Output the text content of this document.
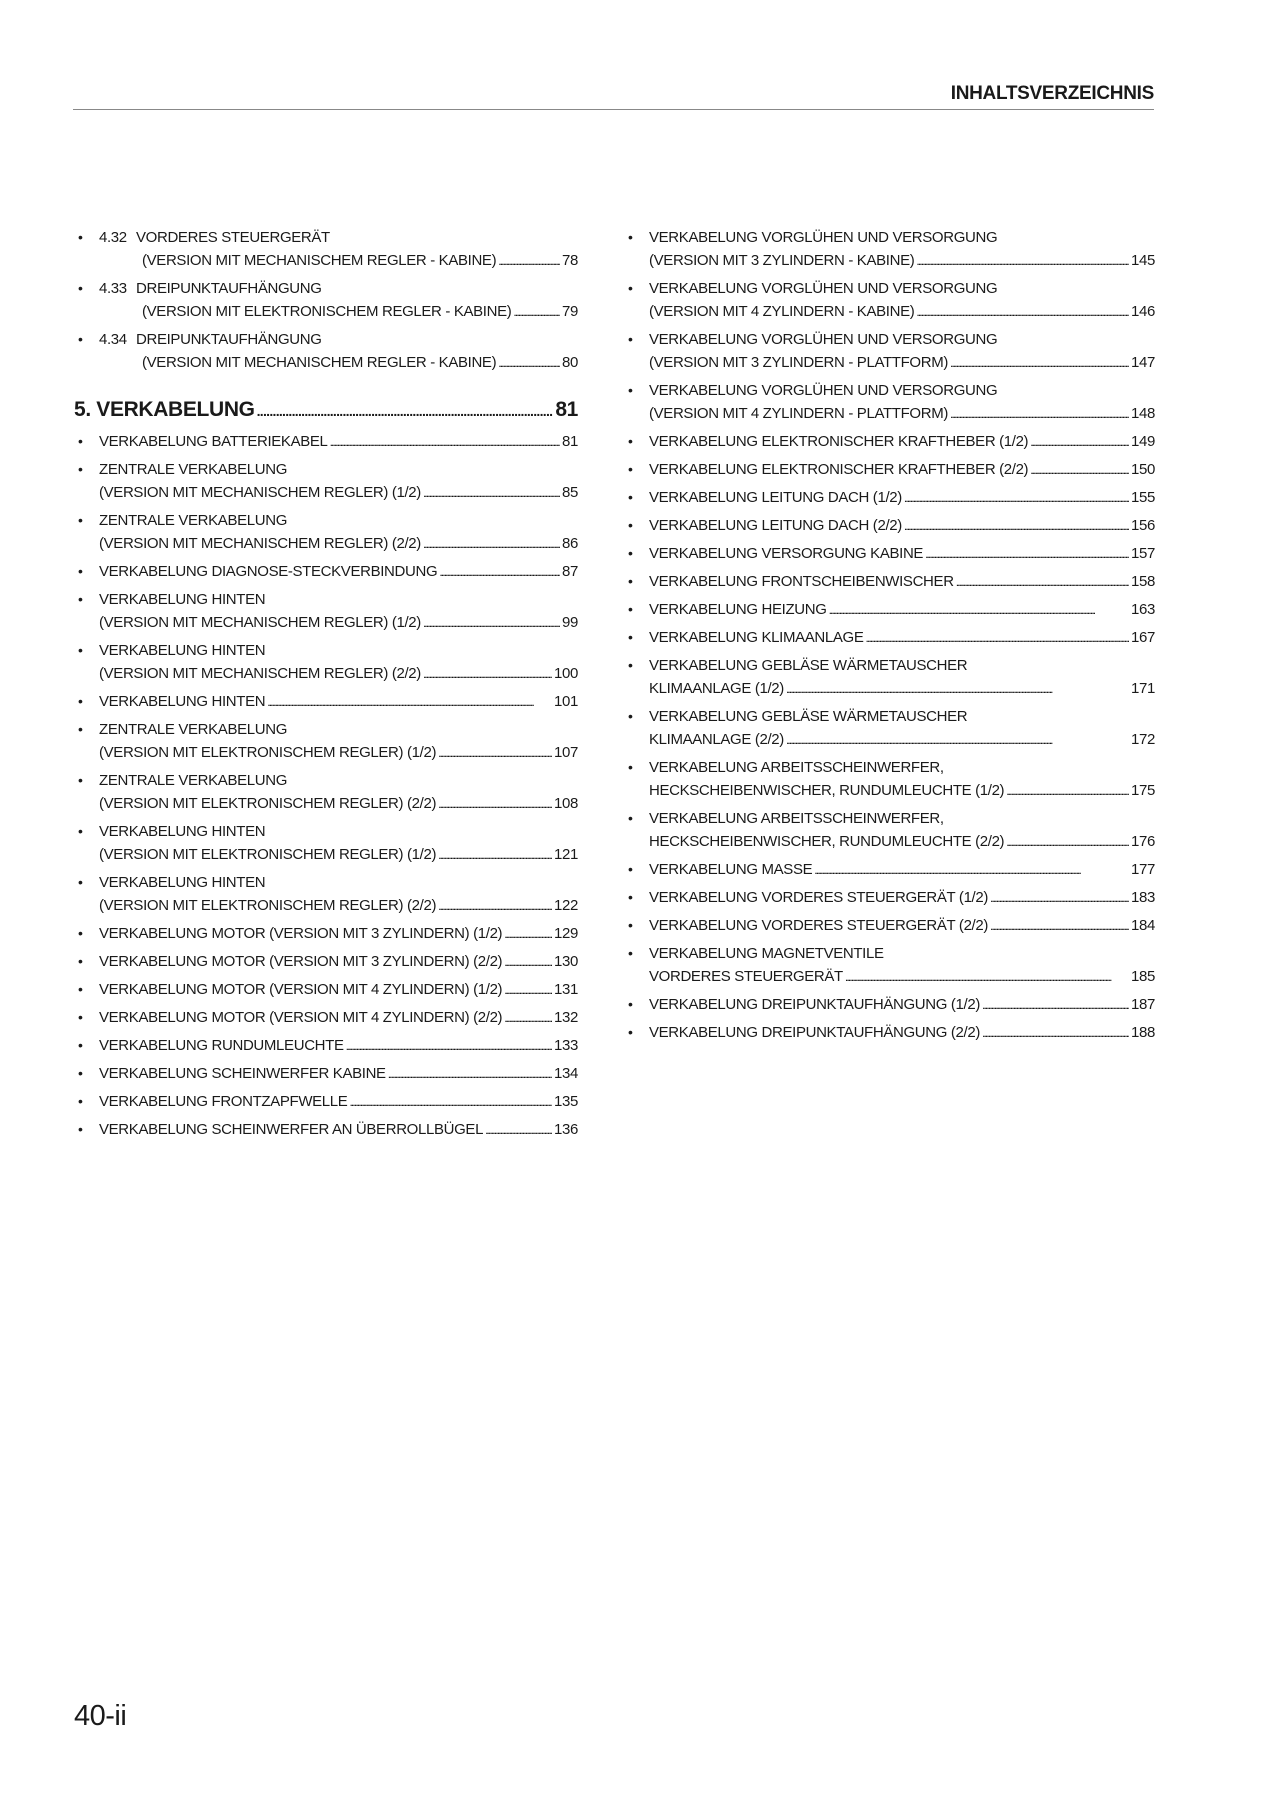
INHALTSVERZEICHNIS
• 4.32 VORDERES STEUERGERÄT
(VERSION MIT MECHANISCHEM REGLER - KABINE) . . .	78
• 4.33 DREIPUNKTAUFHÄNGUNG
(VERSION MIT ELEKTRONISCHEM REGLER - KABINE) . . .	79
• 4.34 DREIPUNKTAUFHÄNGUNG
(VERSION MIT MECHANISCHEM REGLER - KABINE) . . .	80
5. VERKABELUNG . . .	81
• VERKABELUNG BATTERIEKABEL . . .	81
• ZENTRALE VERKABELUNG
(VERSION MIT MECHANISCHEM REGLER) (1/2) . . .	85
• ZENTRALE VERKABELUNG
(VERSION MIT MECHANISCHEM REGLER) (2/2) . . .	86
• VERKABELUNG DIAGNOSE-STECKVERBINDUNG . . .	87
• VERKABELUNG HINTEN
(VERSION MIT MECHANISCHEM REGLER) (1/2) . . .	99
• VERKABELUNG HINTEN
(VERSION MIT MECHANISCHEM REGLER) (2/2) . . .	100
• VERKABELUNG HINTEN . . .	101
• ZENTRALE VERKABELUNG
(VERSION MIT ELEKTRONISCHEM REGLER) (1/2) . . .	107
• ZENTRALE VERKABELUNG
(VERSION MIT ELEKTRONISCHEM REGLER) (2/2) . . .	108
• VERKABELUNG HINTEN
(VERSION MIT ELEKTRONISCHEM REGLER) (1/2) . . .	121
• VERKABELUNG HINTEN
(VERSION MIT ELEKTRONISCHEM REGLER) (2/2) . . .	122
• VERKABELUNG MOTOR (VERSION MIT 3 ZYLINDERN) (1/2) . . .	129
• VERKABELUNG MOTOR (VERSION MIT 3 ZYLINDERN) (2/2) . . .	130
• VERKABELUNG MOTOR (VERSION MIT 4 ZYLINDERN) (1/2) . . .	131
• VERKABELUNG MOTOR (VERSION MIT 4 ZYLINDERN) (2/2) . . .	132
• VERKABELUNG RUNDUMLEUCHTE . . .	133
• VERKABELUNG SCHEINWERFER KABINE . . .	134
• VERKABELUNG FRONTZAPFWELLE . . .	135
• VERKABELUNG SCHEINWERFER AN ÜBERROLLBÜGEL . . .	136
• VERKABELUNG VORGLÜHEN UND VERSORGUNG
(VERSION MIT 3 ZYLINDERN - KABINE) . . .	145
• VERKABELUNG VORGLÜHEN UND VERSORGUNG
(VERSION MIT 4 ZYLINDERN - KABINE) . . .	146
• VERKABELUNG VORGLÜHEN UND VERSORGUNG
(VERSION MIT 3 ZYLINDERN - PLATTFORM) . . .	147
• VERKABELUNG VORGLÜHEN UND VERSORGUNG
(VERSION MIT 4 ZYLINDERN - PLATTFORM) . . .	148
• VERKABELUNG ELEKTRONISCHER KRAFTHEBER (1/2) . . .	149
• VERKABELUNG ELEKTRONISCHER KRAFTHEBER (2/2) . . .	150
• VERKABELUNG LEITUNG DACH (1/2) . . .	155
• VERKABELUNG LEITUNG DACH (2/2) . . .	156
• VERKABELUNG VERSORGUNG KABINE . . .	157
• VERKABELUNG FRONTSCHEIBENWISCHER . . .	158
• VERKABELUNG HEIZUNG . . .	163
• VERKABELUNG KLIMAANLAGE . . .	167
• VERKABELUNG GEBLÄSE WÄRMETAUSCHER
KLIMAANLAGE (1/2) . . .	171
• VERKABELUNG GEBLÄSE WÄRMETAUSCHER
KLIMAANLAGE (2/2) . . .	172
• VERKABELUNG ARBEITSSCHEINWERFER,
HECKSCHEIBENWISCHER, RUNDUMLEUCHTE (1/2) . . .	175
• VERKABELUNG ARBEITSSCHEINWERFER,
HECKSCHEIBENWISCHER, RUNDUMLEUCHTE (2/2) . . .	176
• VERKABELUNG MASSE . . .	177
• VERKABELUNG VORDERES STEUERGERÄT (1/2) . . .	183
• VERKABELUNG VORDERES STEUERGERÄT (2/2) . . .	184
• VERKABELUNG MAGNETVENTILE
VORDERES STEUERGERÄT . . .	185
• VERKABELUNG DREIPUNKTAUFHÄNGUNG (1/2) . . .	187
• VERKABELUNG DREIPUNKTAUFHÄNGUNG (2/2) . . .	188
40-ii
